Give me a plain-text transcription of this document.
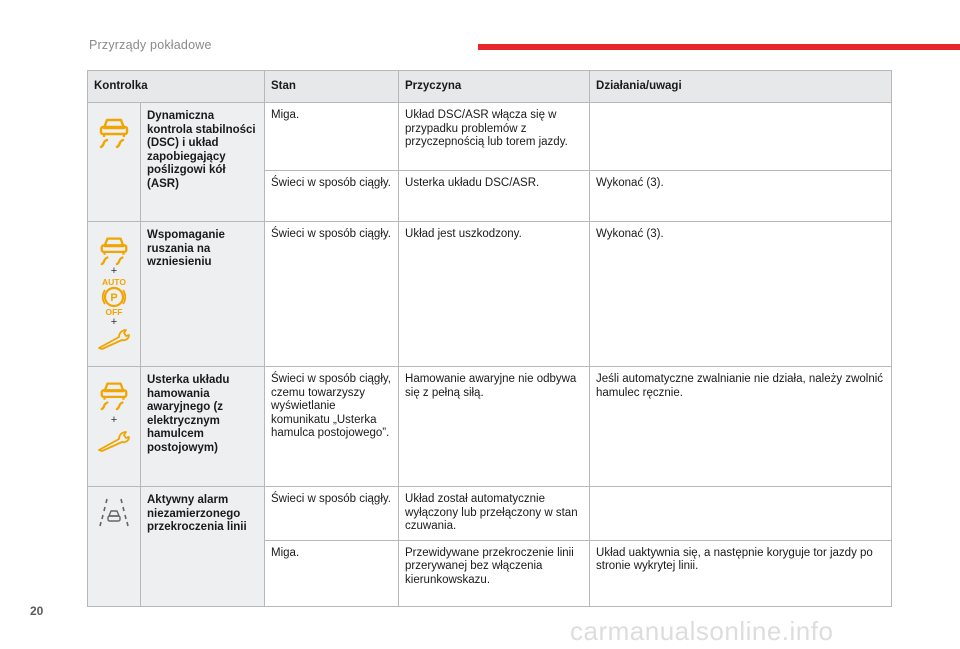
Przyrządy pokładowe
Kontrolka		Stan	Przyczyna	Działania/uwagi

	Dynamiczna kontrola stabilności (DSC) i układ zapobiegający poślizgowi kół (ASR)	Miga.	Układ DSC/ASR włącza się w przypadku problemów z przyczepnością lub torem jazdy.	
		Świeci w sposób ciągły.	Usterka układu DSC/ASR.	Wykonać (3).

+
AUTO
P
OFF
+	Wspomaganie ruszania na wzniesieniu	Świeci w sposób ciągły.	Układ jest uszkodzony.	Wykonać (3).

+	Usterka układu hamowania awaryjnego (z elektrycznym hamulcem postojowym)	Świeci w sposób ciągły, czemu towarzyszy wyświetlanie komunikatu „Usterka hamulca postojowego”.	Hamowanie awaryjne nie odbywa się z pełną siłą.	Jeśli automatyczne zwalnianie nie działa, należy zwolnić hamulec ręcznie.

	Aktywny alarm niezamierzonego przekroczenia linii	Świeci w sposób ciągły.	Układ został automatycznie wyłączony lub przełączony w stan czuwania.	
		Miga.	Przewidywane przekroczenie linii przerywanej bez włączenia kierunkowskazu.	Układ uaktywnia się, a następnie koryguje tor jazdy po stronie wykrytej linii.
20
carmanualsonline.info
